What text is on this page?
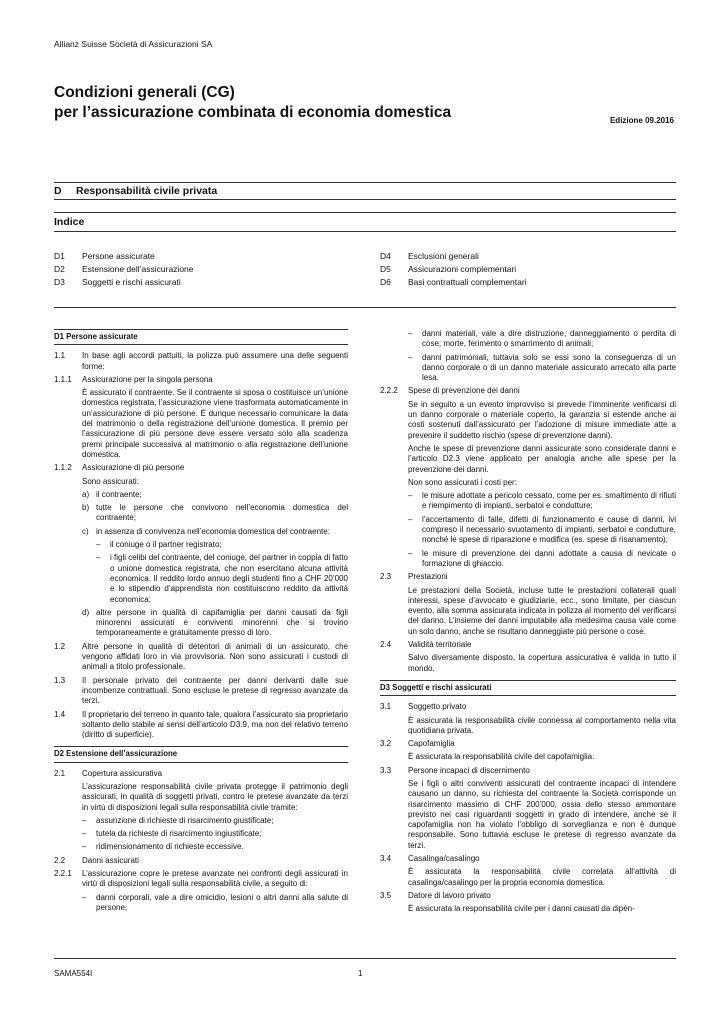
Allianz Suisse Società di Assicurazioni SA
Condizioni generali (CG)
per l’assicurazione combinata di economia domestica	Edizione 09.2016
D Responsabilità civile privata
Indice
D1	Persone assicurate
D2	Estensione dell’assicurazione
D3	Soggetti e rischi assicurati
D4	Esclusioni generali
D5	Assicurazioni complementari
D6	Basi contrattuali complementari
D1 Persone assicurate
1.1	In base agli accordi pattuiti, la polizza può assumere una delle seguenti forme:
1.1.1	Assicurazione per la singola persona
È assicurato il contraente. Se il contraente si sposa o costituisce un’unione domestica registrata, l’assicurazione viene trasformata automaticamente in un’assicurazione di più persone. È dunque necessario comunicare la data del matrimonio o della registrazione dell’unione domestica. Il premio per l’assicurazione di più persone deve essere versato solo alla scadenza premi principale successiva al matrimonio o alla registrazione dell’unione domestica.
1.1.2	Assicurazione di più persone
Sono assicurati:
a) il contraente;
b) tutte le persone che convivono nell’economia domestica del contraente;
c) in assenza di convivenza nell’economia domestica del contraente:
–	il coniuge o il partner registrato;
–	i figli celibi del contraente, del coniuge, del partner in coppia di fatto o unione domestica registrata, che non esercitano alcuna attività economica. Il reddito lordo annuo degli studenti fino a CHF 20’000 e lo stipendio d’apprendista non costituiscono reddito da attività economica;
d) altre persone in qualità di capifamiglia per danni causati da figli minorenni assicurati e conviventi minorenni che si trovino temporaneamente e gratuitamente presso di loro.
1.2	Altre persone in qualità di detentori di animali di un assicurato, che vengono affidati loro in via provvisoria. Non sono assicurati i custodi di animali a titolo professionale.
1.3	Il personale privato del contraente per danni derivanti dalle sue incombenze contrattuali. Sono escluse le pretese di regresso avanzate da terzi.
1.4	Il proprietario del terreno in quanto tale, qualora l’assicurato sia proprietario soltanto dello stabile ai sensi dell’articolo D3.9, ma non del relativo terreno (diritto di superficie).
D2 Estensione dell’assicurazione
2.1	Copertura assicurativa
L’assicurazione responsabilità civile privata protegge il patrimonio degli assicurati, in qualità di soggetti privati, contro le pretese avanzate da terzi in virtù di disposizioni legali sulla responsabilità civile tramite:
–	assunzione di richieste di risarcimento giustificate;
–	tutela da richieste di risarcimento ingiustificate;
–	ridimensionamento di richieste eccessive.
2.2	Danni assicurati
2.2.1	L’assicurazione copre le pretese avanzate nei confronti degli assicurati in virtù di disposizioni legali sulla responsabilità civile, a seguito di:
–	danni corporali, vale a dire omicidio, lesioni o altri danni alla salute di persone;
–	danni materiali, vale a dire distruzione, danneggiamento o perdita di cose; morte, ferimento o smarrimento di animali;
–	danni patrimoniali, tuttavia solo se essi sono la conseguenza di un danno corporale o di un danno materiale assicurato arrecato alla parte lesa.
2.2.2	Spese di prevenzione dei danni
Se in seguito a un evento improvviso si prevede l’imminente verificarsi di un danno corporale o materiale coperto, la garanzia si estende anche ai costi sostenuti dall’assicurato per l’adozione di misure immediate atte a prevenire il suddetto rischio (spese di prevenzione danni).
Anche le spese di prevenzione danni assicurate sono considerate danni e l’articolo D2.3 viene applicato per analogia anche alle spese per la prevenzione dei danni.
Non sono assicurati i costi per:
–	le misure adottate a pericolo cessato, come per es. smaltimento di rifiuti e riempimento di impianti, serbatoi e condutture;
–	l’accertamento di falle, difetti di funzionamento e cause di danni, ivi compreso il necessario svuotamento di impianti, serbatoi e condutture, nonché le spese di riparazione e modifica (es. spese di risanamento);
–	le misure di prevenzione dei danni adottate a causa di nevicate o formazione di ghiaccio.
2.3	Prestazioni
Le prestazioni della Società, incluse tutte le prestazioni collaterali quali interessi, spese d’avvocato e giudiziarie, ecc., sono limitate, per ciascun evento, alla somma assicurata indicata in polizza al momento del verificarsi del danno. L’insieme dei danni imputabile alla medesima causa vale come un solo danno, anche se risultano danneggiate più persone o cose.
2.4	Validità territoriale
Salvo diversamente disposto, la copertura assicurativa è valida in tutto il mondo.
D3 Soggetti e rischi assicurati
3.1	Soggetto privato
È assicurata la responsabilità civile connessa al comportamento nella vita quotidiana privata.
3.2	Capofamiglia
È assicurata la responsabilità civile del capofamiglia.
3.3	Persone incapaci di discernimento
Se i figli o altri conviventi assicurati del contraente incapaci di intendere causano un danno, su richiesta del contraente la Società corrisponde un risarcimento massimo di CHF 200’000, ossia dello stesso ammontare previsto nei casi riguardanti soggetti in grado di intendere, anche se il capofamiglia non ha violato l’obbligo di sorveglianza e non è dunque responsabile. Sono tuttavia escluse le pretese di regresso avanzate da terzi.
3.4	Casalinga/casalingo
È assicurata la responsabilità civile correlata all’attività di casalinga/casalingo per la propria economia domestica.
3.5	Datore di lavoro privato
È assicurata la responsabilità civile per i danni causati da dipen-
SAMA554I	1
